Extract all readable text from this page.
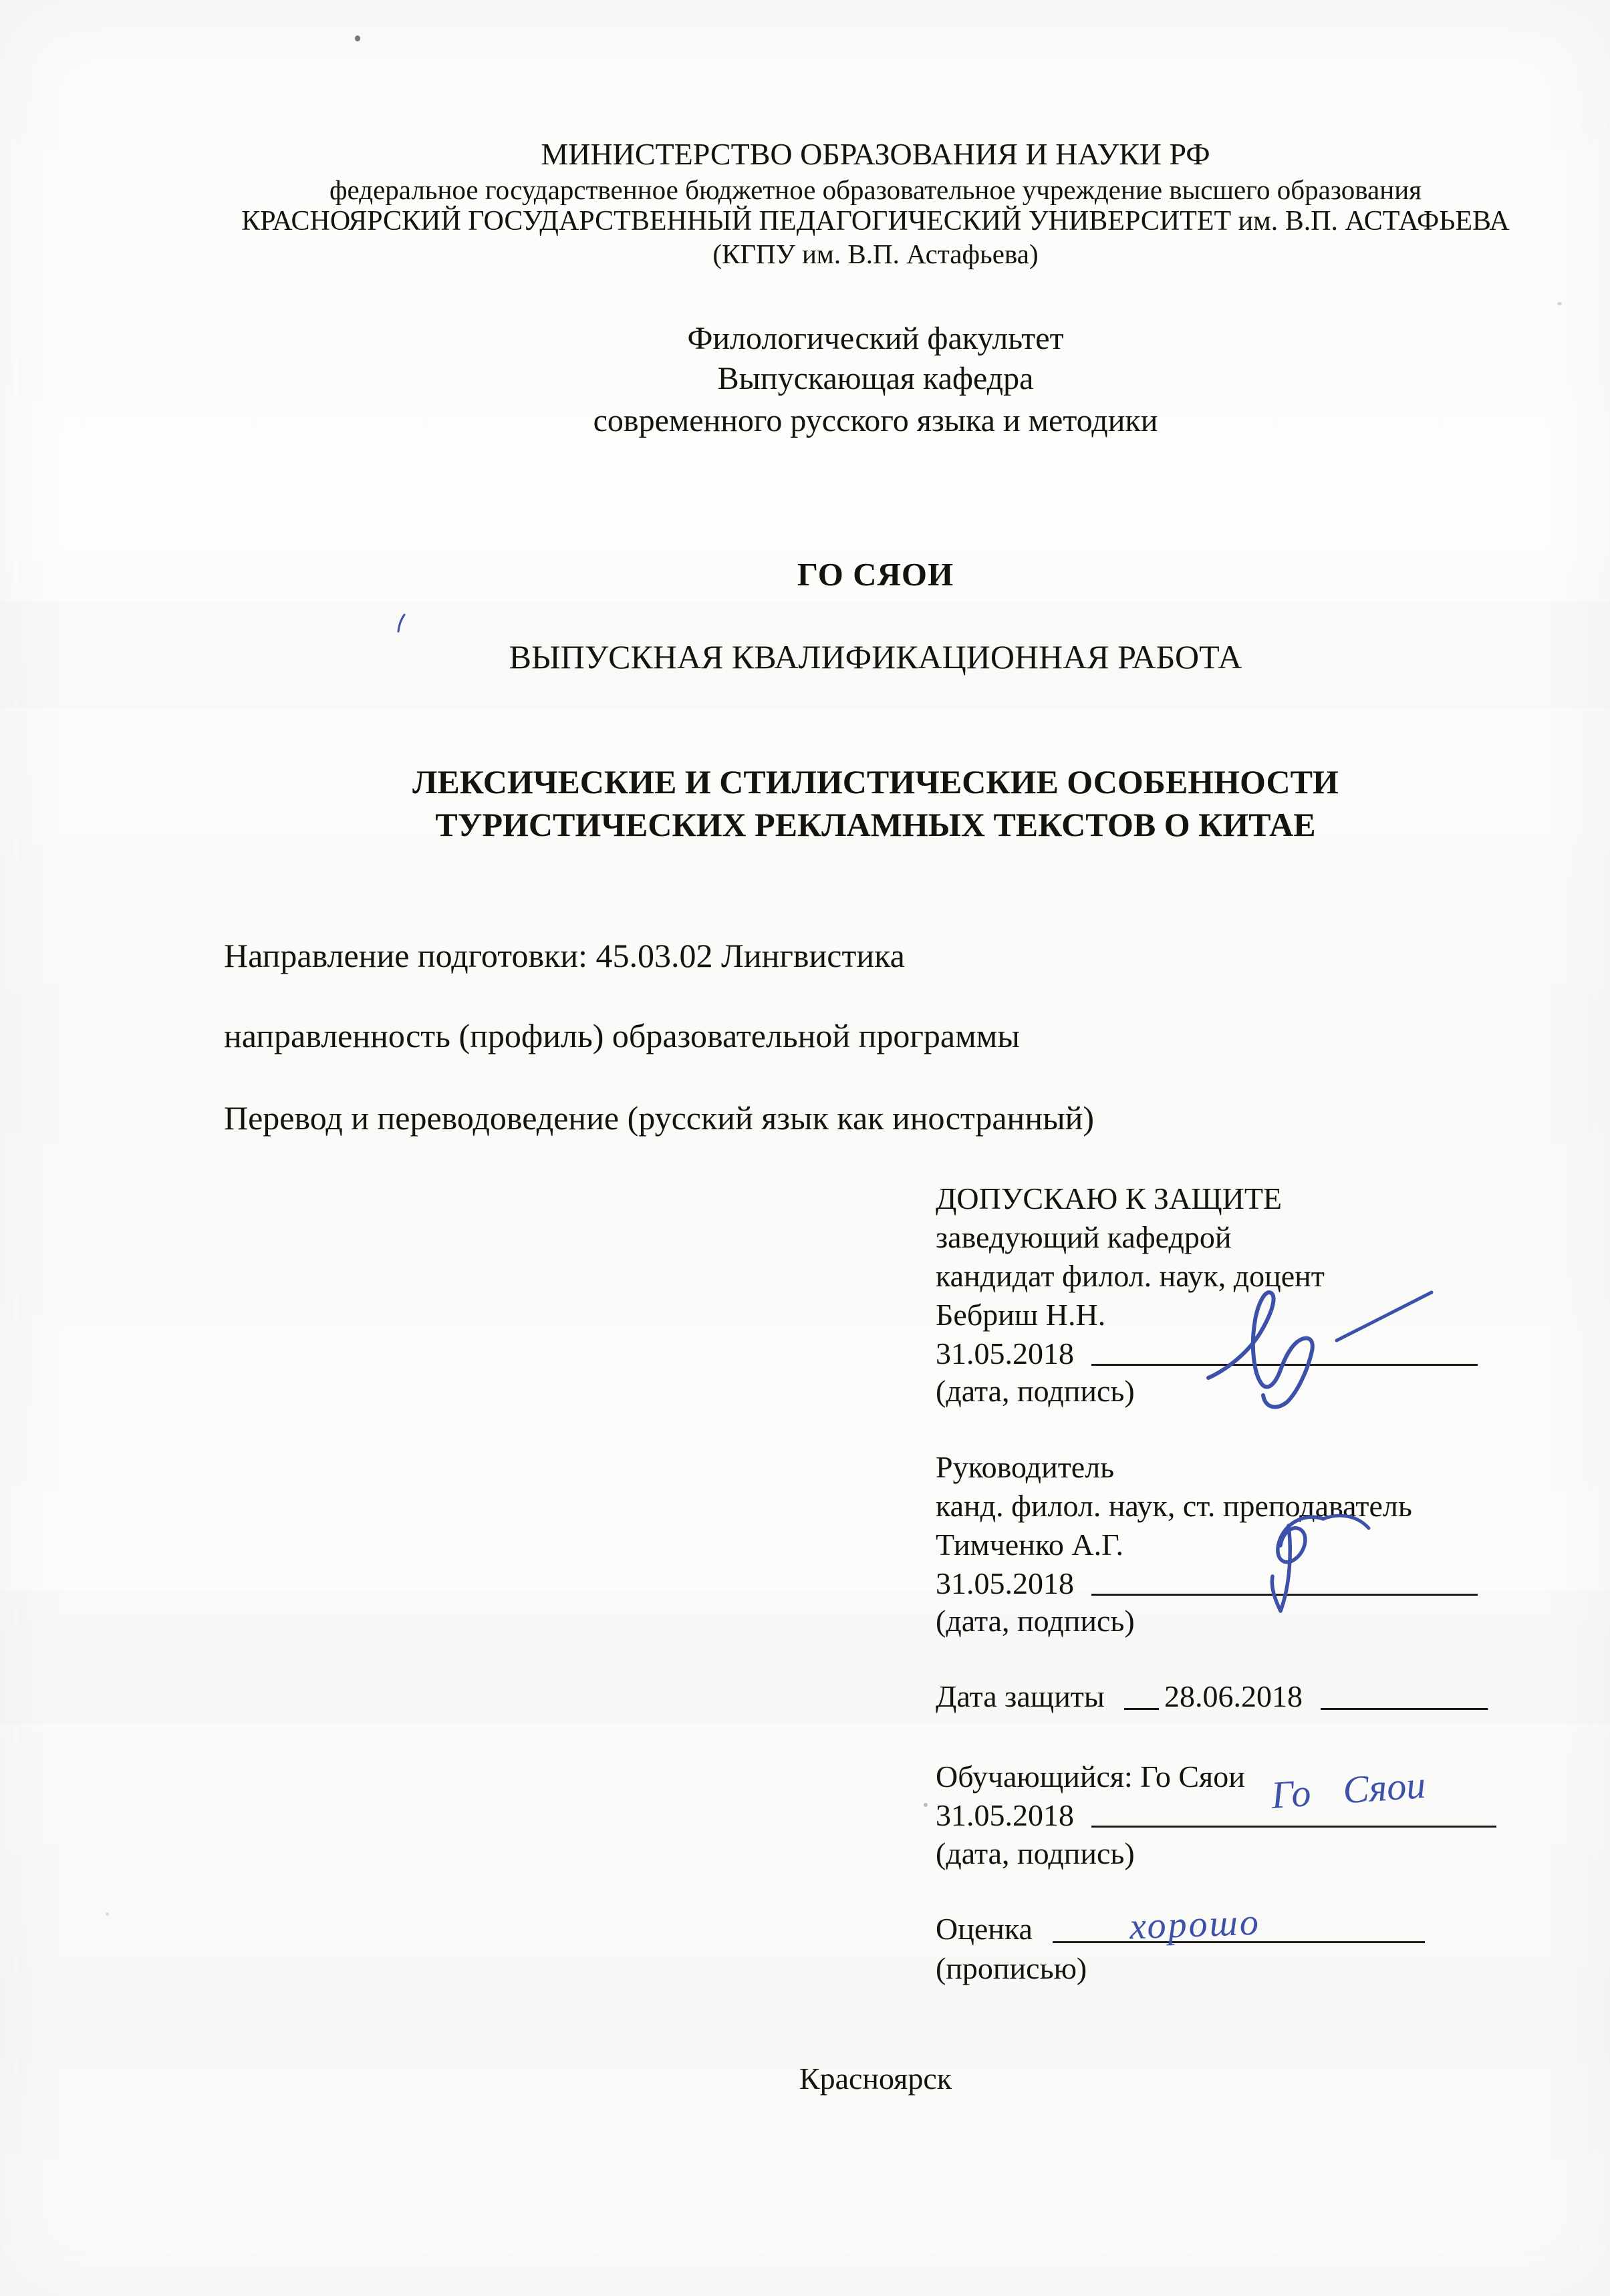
МИНИСТЕРСТВО ОБРАЗОВАНИЯ И НАУКИ РФ
федеральное государственное бюджетное образовательное учреждение высшего образования
КРАСНОЯРСКИЙ ГОСУДАРСТВЕННЫЙ ПЕДАГОГИЧЕСКИЙ УНИВЕРСИТЕТ им. В.П. АСТАФЬЕВА
(КГПУ им. В.П. Астафьева)
Филологический факультет
Выпускающая кафедра
современного русского языка и методики
ГО СЯОИ
ВЫПУСКНАЯ КВАЛИФИКАЦИОННАЯ РАБОТА
ЛЕКСИЧЕСКИЕ И СТИЛИСТИЧЕСКИЕ ОСОБЕННОСТИ
ТУРИСТИЧЕСКИХ РЕКЛАМНЫХ ТЕКСТОВ О КИТАЕ
Направление подготовки: 45.03.02 Лингвистика
направленность (профиль) образовательной программы
Перевод и переводоведение (русский язык как иностранный)
ДОПУСКАЮ К ЗАЩИТЕ
заведующий кафедрой
кандидат филол. наук, доцент
Бебриш Н.Н.
31.05.2018
(дата, подпись)
Руководитель
канд. филол. наук, ст. преподаватель
Тимченко А.Г.
31.05.2018
(дата, подпись)
Дата защиты 28.06.2018
Обучающийся: Го Сяои
31.05.2018	Го Сяои
(дата, подпись)
Оценка	хорошо
(прописью)
Красноярск
